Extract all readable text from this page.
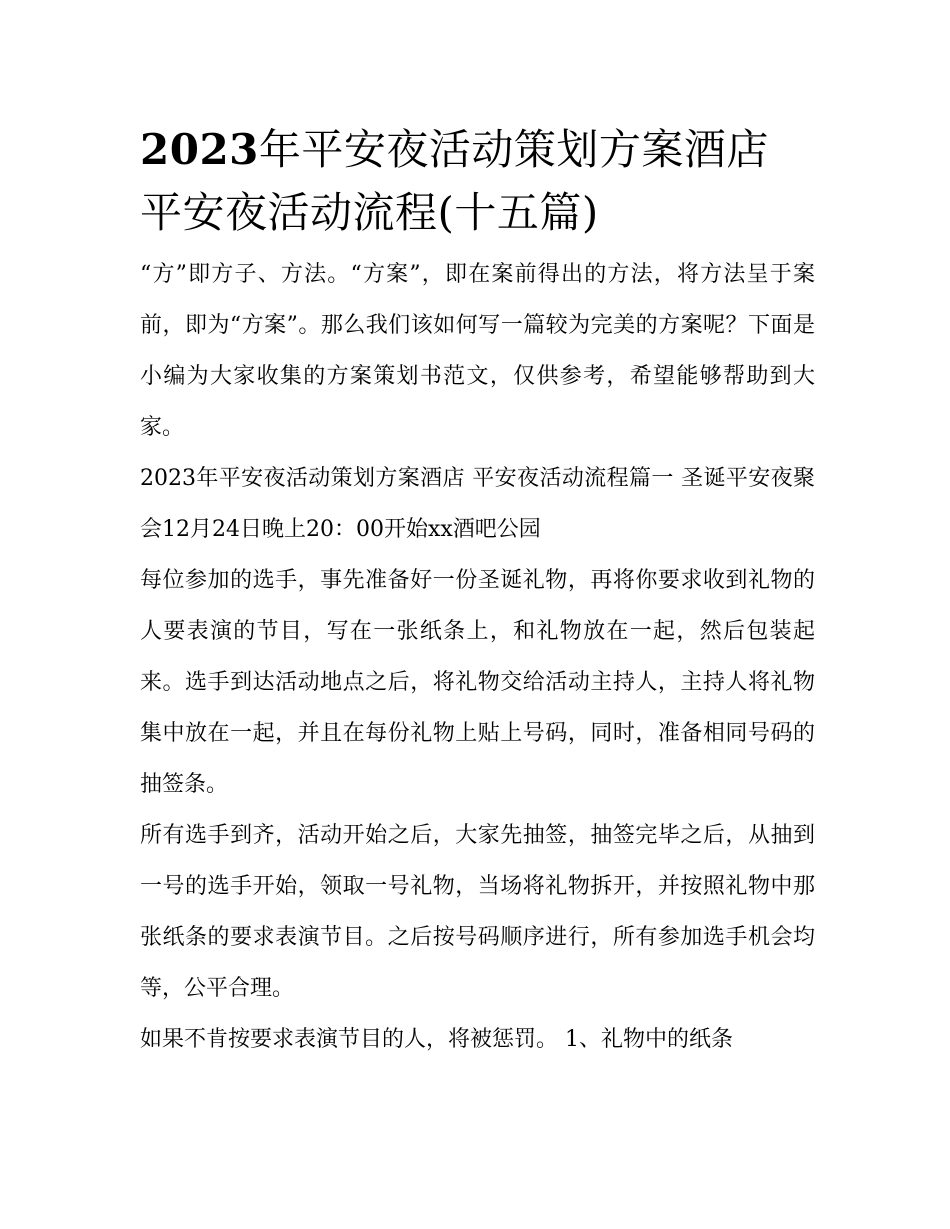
2023年平安夜活动策划方案酒店 平安夜活动流程(十五篇)

“方”即方子、方法。“方案”，即在案前得出的方法，将方法呈于案前，即为“方案”。那么我们该如何写一篇较为完美的方案呢？下面是小编为大家收集的方案策划书范文，仅供参考，希望能够帮助到大家。

2023年平安夜活动策划方案酒店 平安夜活动流程篇一 圣诞平安夜聚会12月24日晚上20：00开始xx酒吧公园

每位参加的选手，事先准备好一份圣诞礼物，再将你要求收到礼物的人要表演的节目，写在一张纸条上，和礼物放在一起，然后包装起来。选手到达活动地点之后，将礼物交给活动主持人，主持人将礼物集中放在一起，并且在每份礼物上贴上号码，同时，准备相同号码的抽签条。

所有选手到齐，活动开始之后，大家先抽签，抽签完毕之后，从抽到一号的选手开始，领取一号礼物，当场将礼物拆开，并按照礼物中那张纸条的要求表演节目。之后按号码顺序进行，所有参加选手机会均等，公平合理。

如果不肯按要求表演节目的人，将被惩罚。 1、礼物中的纸条
